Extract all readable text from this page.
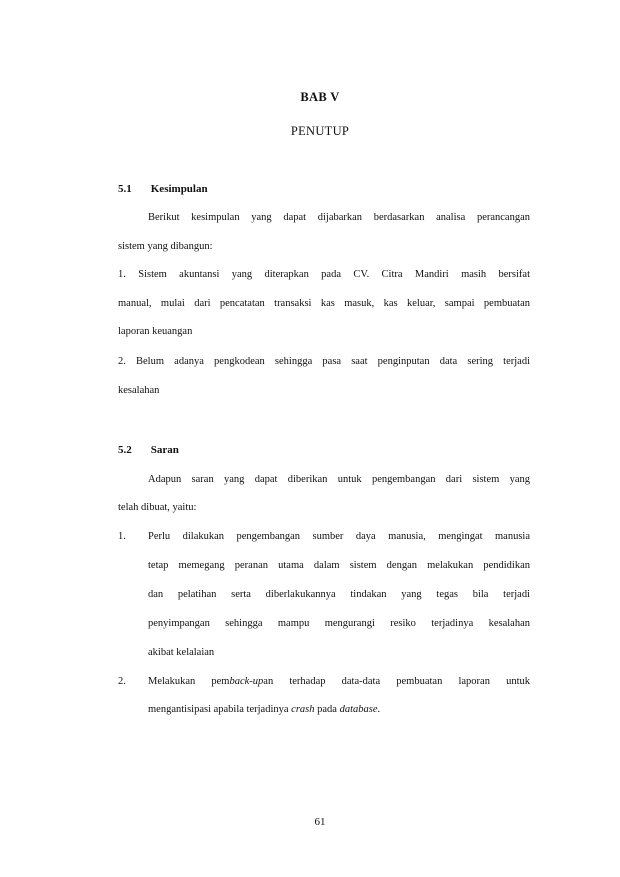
BAB V
PENUTUP
5.1 Kesimpulan
Berikut kesimpulan yang dapat dijabarkan berdasarkan analisa perancangan
sistem yang dibangun:
1. Sistem akuntansi yang diterapkan pada CV. Citra Mandiri masih bersifat
manual, mulai dari pencatatan transaksi kas masuk, kas keluar, sampai pembuatan
laporan keuangan
2. Belum adanya pengkodean sehingga pasa saat penginputan data sering terjadi
kesalahan
5.2 Saran
Adapun saran yang dapat diberikan untuk pengembangan dari sistem yang
telah dibuat, yaitu:
1.	Perlu dilakukan pengembangan sumber daya manusia, mengingat manusia
tetap memegang peranan utama dalam sistem dengan melakukan pendidikan
dan pelatihan serta diberlakukannya tindakan yang tegas bila terjadi
penyimpangan sehingga mampu mengurangi resiko terjadinya kesalahan
akibat kelalaian
2.	Melakukan pemback-upan terhadap data-data pembuatan laporan untuk
mengantisipasi apabila terjadinya crash pada database.
61
